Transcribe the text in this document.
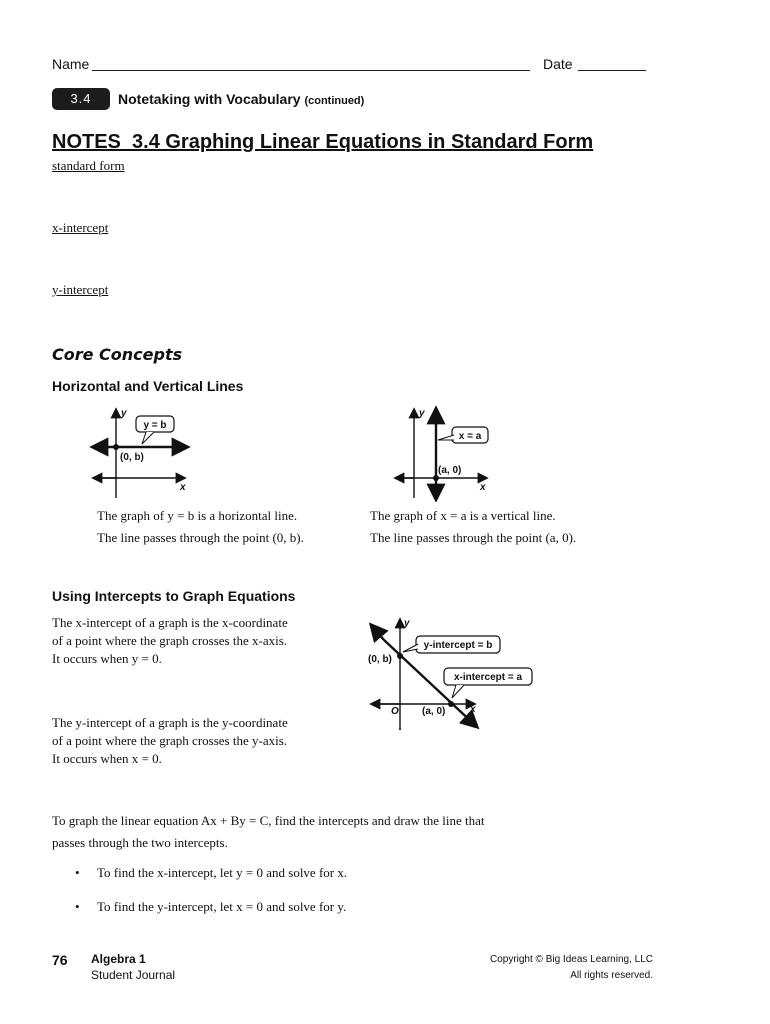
Name	Date
3.4	Notetaking with Vocabulary (continued)
NOTES  3.4 Graphing Linear Equations in Standard Form
standard form
x-intercept
y-intercept
Core Concepts
Horizontal and Vertical Lines
y = b
(0, b)
y
x
x = a
(a, 0)
y
x
The graph of y = b is a horizontal line.
The line passes through the point (0, b).
The graph of x = a is a vertical line.
The line passes through the point (a, 0).
Using Intercepts to Graph Equations
The x-intercept of a graph is the x-coordinate
of a point where the graph crosses the x-axis.
It occurs when y = 0.
The y-intercept of a graph is the y-coordinate
of a point where the graph crosses the y-axis.
It occurs when x = 0.
y-intercept = b
x-intercept = a
(0, b)
(a, 0)
O
y
x
To graph the linear equation Ax + By = C, find the intercepts and draw the line that
passes through the two intercepts.
• To find the x-intercept, let y = 0 and solve for x.
• To find the y-intercept, let x = 0 and solve for y.
76 Algebra 1
Student Journal
Copyright © Big Ideas Learning, LLC
All rights reserved.
